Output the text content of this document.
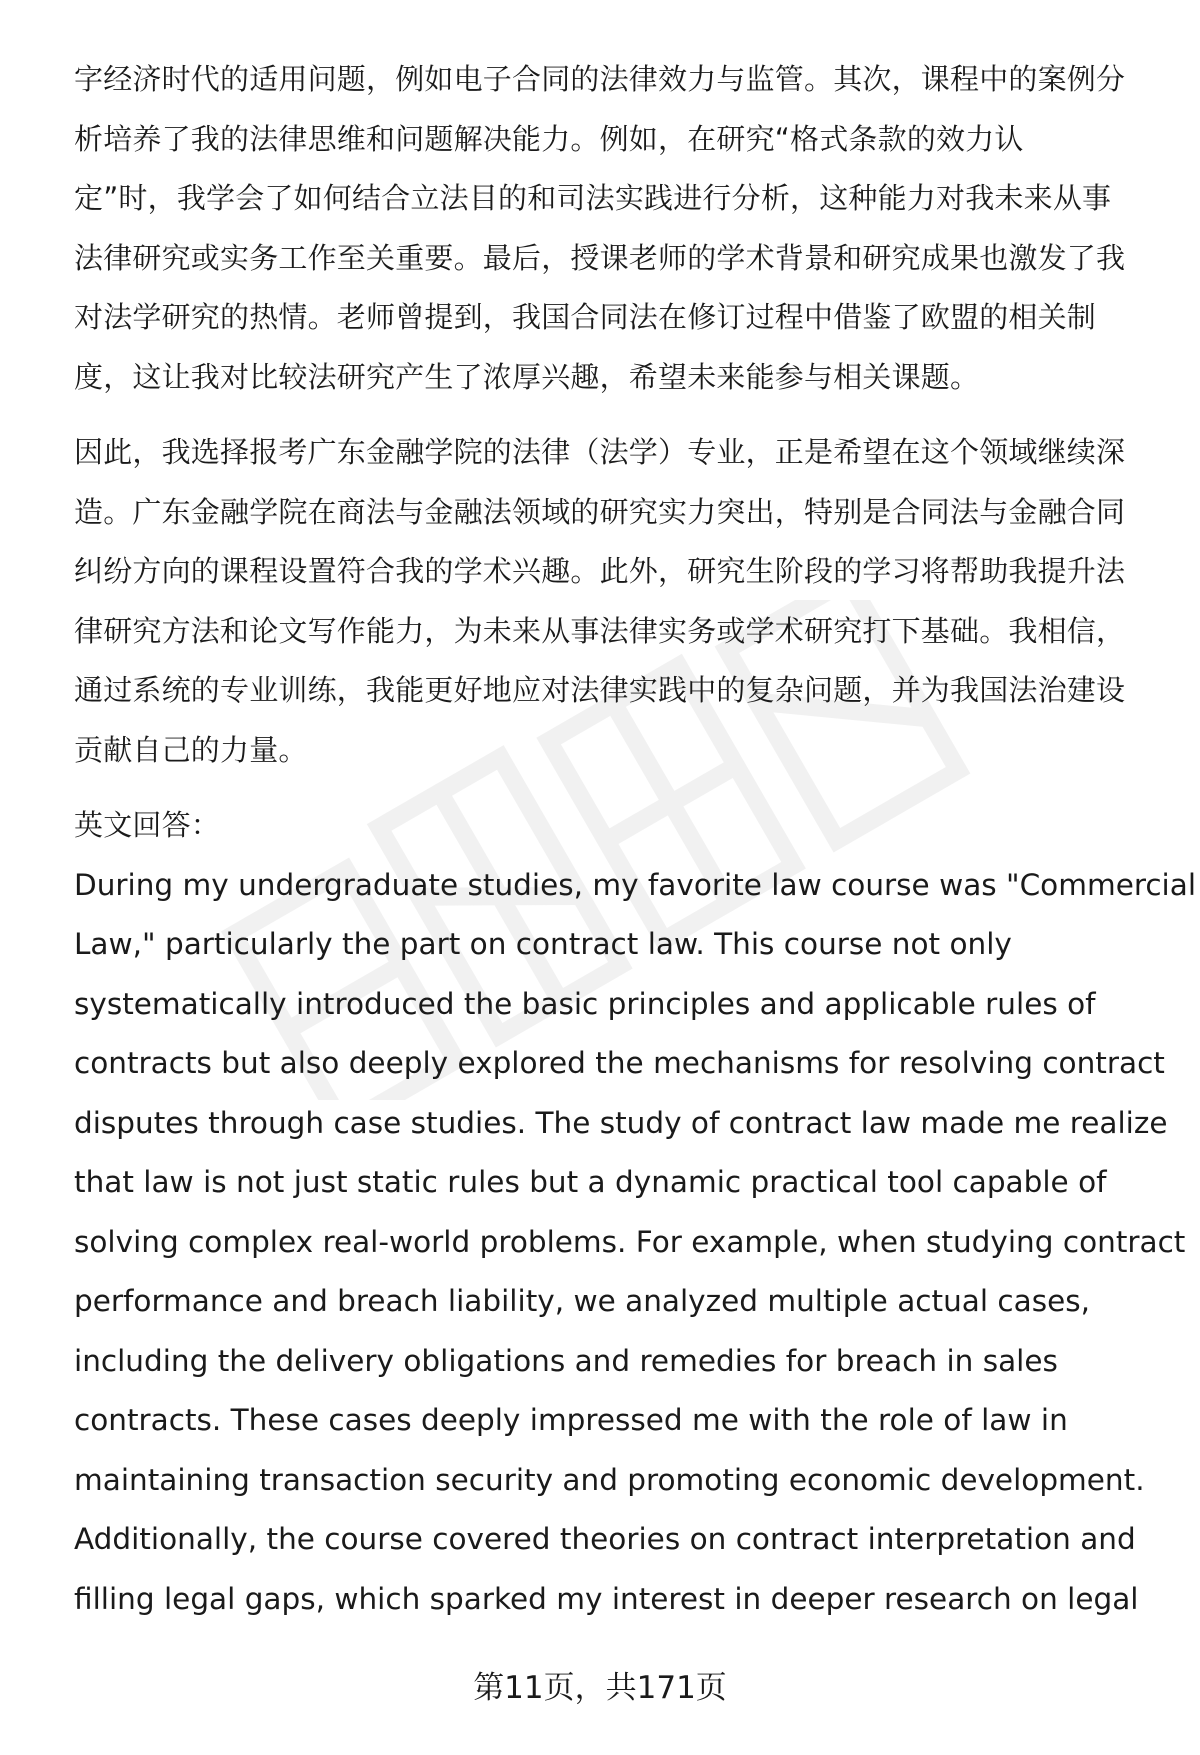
字经济时代的适用问题，例如电子合同的法律效力与监管。其次，课程中的案例分
析培养了我的法律思维和问题解决能力。例如，在研究“格式条款的效力认
定”时，我学会了如何结合立法目的和司法实践进行分析，这种能力对我未来从事
法律研究或实务工作至关重要。最后，授课老师的学术背景和研究成果也激发了我
对法学研究的热情。老师曾提到，我国合同法在修订过程中借鉴了欧盟的相关制
度，这让我对比较法研究产生了浓厚兴趣，希望未来能参与相关课题。
因此，我选择报考广东金融学院的法律（法学）专业，正是希望在这个领域继续深
造。广东金融学院在商法与金融法领域的研究实力突出，特别是合同法与金融合同
纠纷方向的课程设置符合我的学术兴趣。此外，研究生阶段的学习将帮助我提升法
律研究方法和论文写作能力，为未来从事法律实务或学术研究打下基础。我相信，
通过系统的专业训练，我能更好地应对法律实践中的复杂问题，并为我国法治建设
贡献自己的力量。
英文回答：
During my undergraduate studies, my favorite law course was "Commercial
Law," particularly the part on contract law. This course not only
systematically introduced the basic principles and applicable rules of
contracts but also deeply explored the mechanisms for resolving contract
disputes through case studies. The study of contract law made me realize
that law is not just static rules but a dynamic practical tool capable of
solving complex real-world problems. For example, when studying contract
performance and breach liability, we analyzed multiple actual cases,
including the delivery obligations and remedies for breach in sales
contracts. These cases deeply impressed me with the role of law in
maintaining transaction security and promoting economic development.
Additionally, the course covered theories on contract interpretation and
filling legal gaps, which sparked my interest in deeper research on legal
第11页，共171页
